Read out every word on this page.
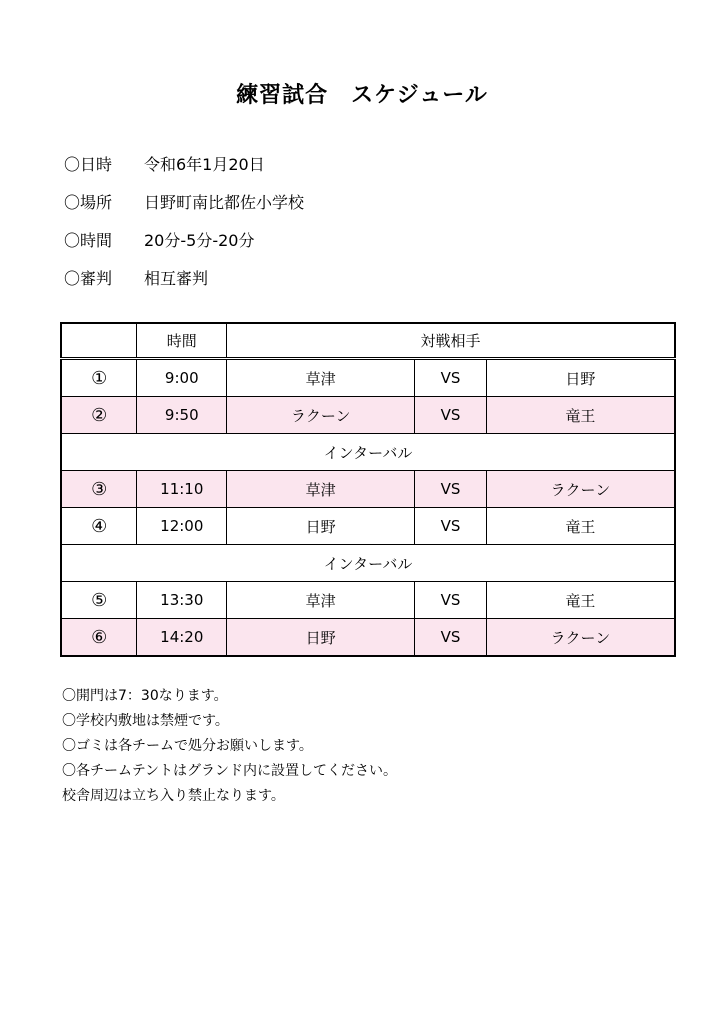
練習試合　スケジュール
〇日時	令和6年1月20日
〇場所	日野町南比都佐小学校
〇時間	20分-5分-20分
〇審判	相互審判
	時間	対戦相手		
①	9:00	草津	VS	日野
②	9:50	ラクーン	VS	竜王
インターバル				
③	11:10	草津	VS	ラクーン
④	12:00	日野	VS	竜王
インターバル				
⑤	13:30	草津	VS	竜王
⑥	14:20	日野	VS	ラクーン
〇開門は7：30なります。
〇学校内敷地は禁煙です。
〇ゴミは各チームで処分お願いします。
〇各チームテントはグランド内に設置してください。
校舎周辺は立ち入り禁止なります。
